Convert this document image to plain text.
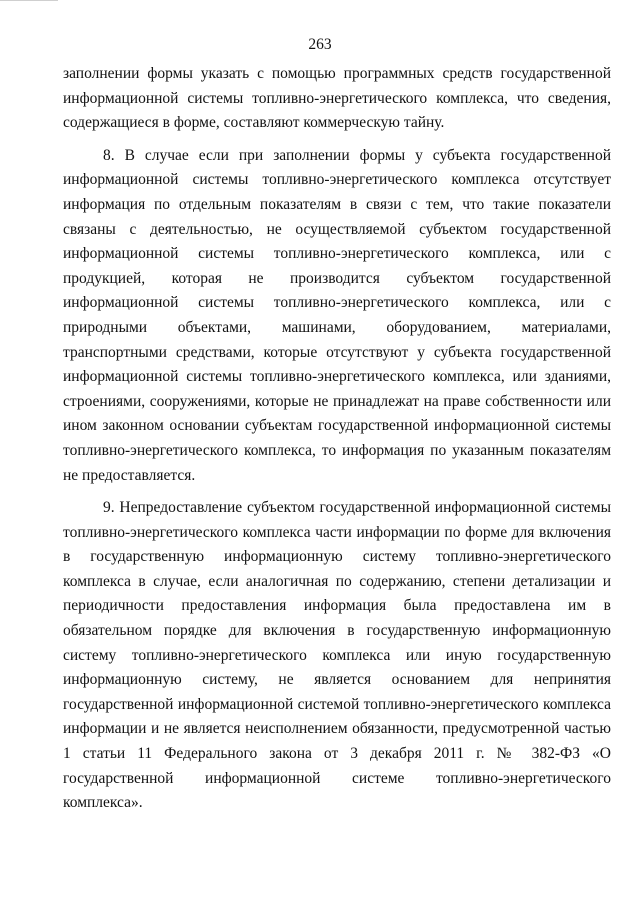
263

заполнении формы указать с помощью программных средств государственной информационной системы топливно-энергетического комплекса, что сведения, содержащиеся в форме, составляют коммерческую тайну.

8. В случае если при заполнении формы у субъекта государственной информационной системы топливно-энергетического комплекса отсутствует информация по отдельным показателям в связи с тем, что такие показатели связаны с деятельностью, не осуществляемой субъектом государственной информационной системы топливно-энергетического комплекса, или с продукцией, которая не производится субъектом государственной информационной системы топливно-энергетического комплекса, или с природными объектами, машинами, оборудованием, материалами, транспортными средствами, которые отсутствуют у субъекта государственной информационной системы топливно-энергетического комплекса, или зданиями, строениями, сооружениями, которые не принадлежат на праве собственности или ином законном основании субъектам государственной информационной системы топливно-энергетического комплекса, то информация по указанным показателям не предоставляется.

9. Непредоставление субъектом государственной информационной системы топливно-энергетического комплекса части информации по форме для включения в государственную информационную систему топливно-энергетического комплекса в случае, если аналогичная по содержанию, степени детализации и периодичности предоставления информация была предоставлена им в обязательном порядке для включения в государственную информационную систему топливно-энергетического комплекса или иную государственную информационную систему, не является основанием для непринятия государственной информационной системой топливно-энергетического комплекса информации и не является неисполнением обязанности, предусмотренной частью 1 статьи 11 Федерального закона от 3 декабря 2011 г. № 382-ФЗ «О государственной информационной системе топливно-энергетического комплекса».
